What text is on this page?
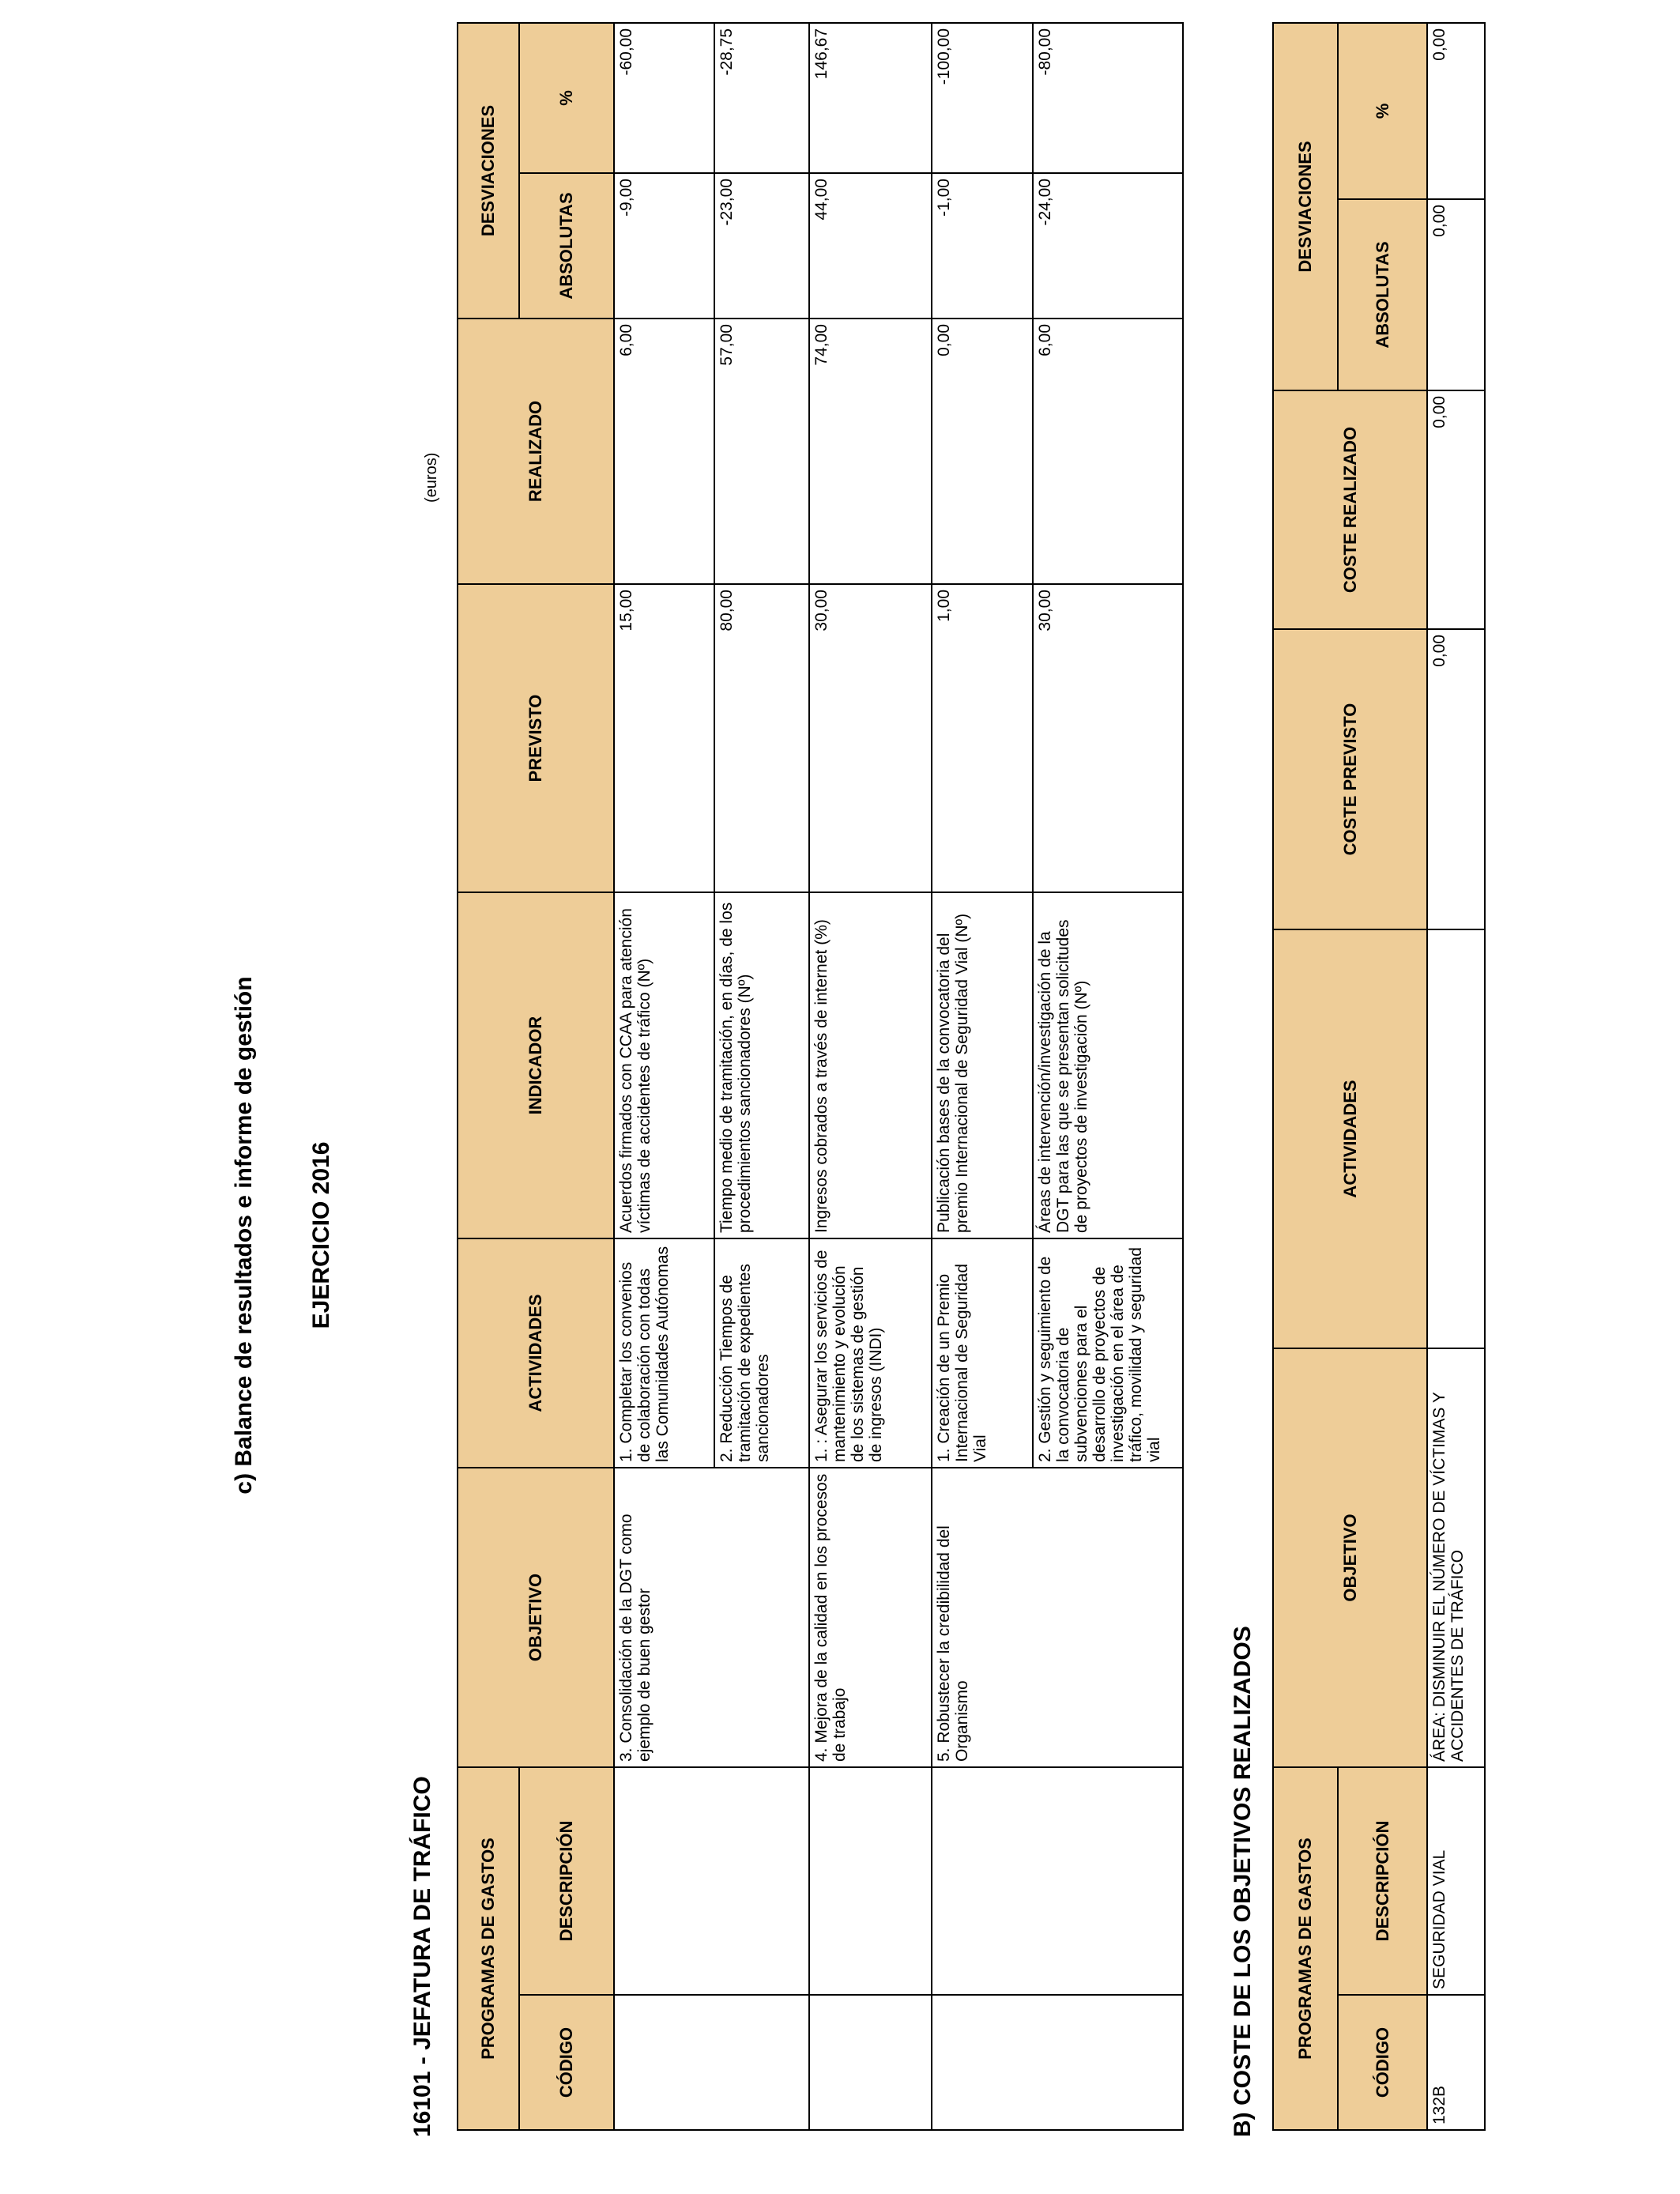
c) Balance de resultados e informe de gestión EJERCICIO 2016
16101 - JEFATURA DE TRÁFICO
(euros)
PROGRAMAS DE GASTOS		OBJETIVO	ACTIVIDADES	INDICADOR	PREVISTO	REALIZADO	DESVIACIONES	
CÓDIGO	DESCRIPCIÓN						ABSOLUTAS	%
		3. Consolidación de la DGT como ejemplo de buen gestor	1. Completar los convenios de colaboración con todas las Comunidades Autónomas	Acuerdos firmados con CCAA para atención víctimas de accidentes de tráfico (Nº)	15,00	6,00	-9,00	-60,00
			2. Reducción Tiempos de tramitación de expedientes sancionadores	Tiempo medio de tramitación, en días, de los procedimientos sancionadores (Nº)	80,00	57,00	-23,00	-28,75
		4. Mejora de la calidad en los procesos de trabajo	1. : Asegurar los servicios de mantenimiento y evolución de los sistemas de gestión de ingresos (INDI)	Ingresos cobrados a través de internet (%)	30,00	74,00	44,00	146,67
		5. Robustecer la credibilidad del Organismo	1. Creación de un Premio Internacional de Seguridad Vial	Publicación bases de la convocatoria del premio Internacional de Seguridad Vial (Nº)	1,00	0,00	-1,00	-100,00
			2. Gestión y seguimiento de la convocatoria de subvenciones para el desarrollo de proyectos de investigación en el área de tráfico, movilidad y seguridad vial	Áreas de intervención/investigación de la DGT para las que se presentan solicitudes de proyectos de investigación (Nº)	30,00	6,00	-24,00	-80,00
B) COSTE DE LOS OBJETIVOS REALIZADOS PROGRAMAS DE GASTOS		OBJETIVO	ACTIVIDADES	COSTE PREVISTO	COSTE REALIZADO	DESVIACIONES	
CÓDIGO	DESCRIPCIÓN					ABSOLUTAS	%
132B	SEGURIDAD VIAL	ÁREA: DISMINUIR EL NÚMERO DE VÍCTIMAS Y ACCIDENTES DE TRÁFICO		0,00	0,00	0,00	0,00
